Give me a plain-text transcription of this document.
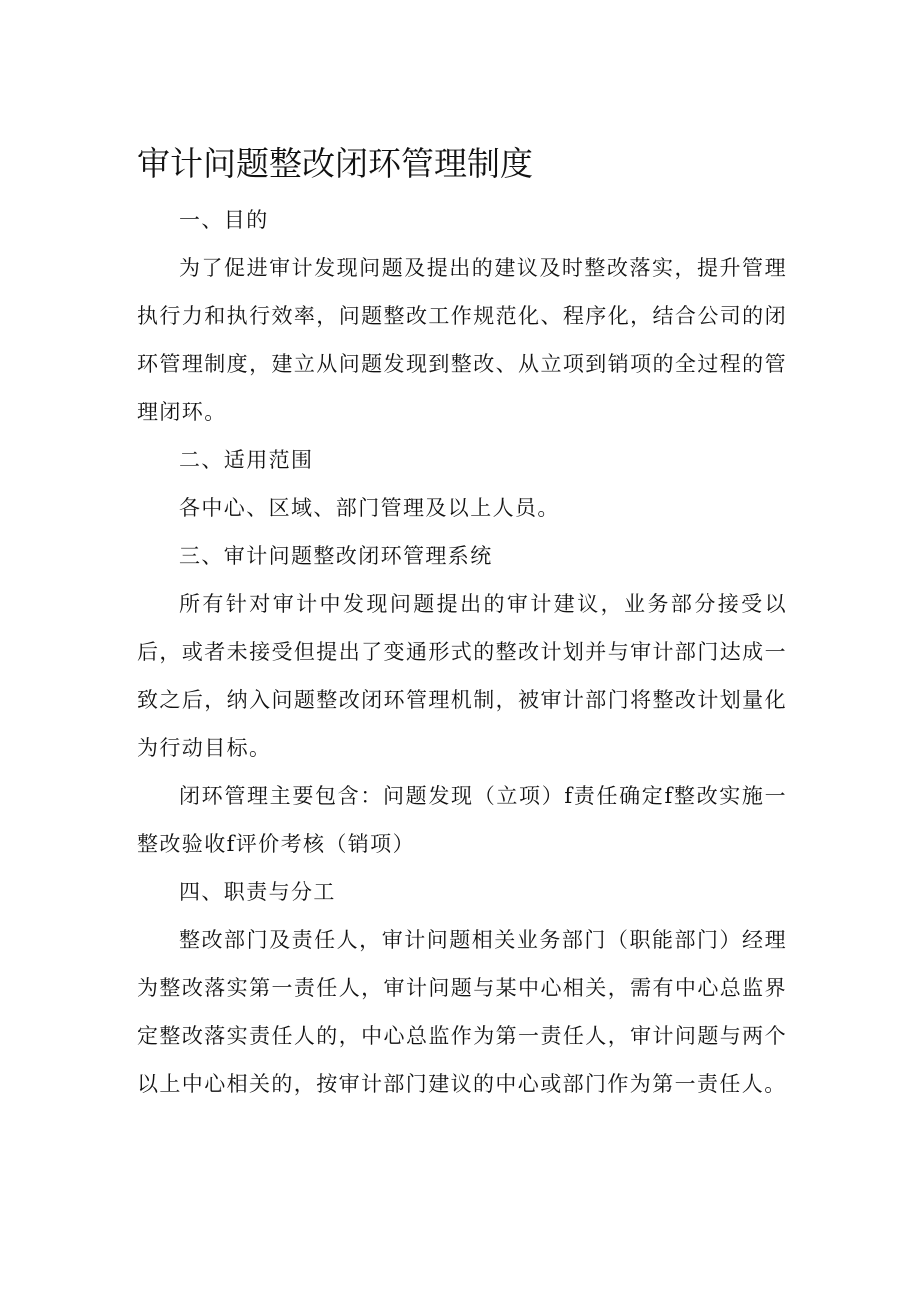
审计问题整改闭环管理制度

一、目的

为了促进审计发现问题及提出的建议及时整改落实，提升管理执行力和执行效率，问题整改工作规范化、程序化，结合公司的闭环管理制度，建立从问题发现到整改、从立项到销项的全过程的管理闭环。

二、适用范围

各中心、区域、部门管理及以上人员。

三、审计问题整改闭环管理系统

所有针对审计中发现问题提出的审计建议，业务部分接受以后，或者未接受但提出了变通形式的整改计划并与审计部门达成一致之后，纳入问题整改闭环管理机制，被审计部门将整改计划量化为行动目标。

闭环管理主要包含：问题发现（立项）f责任确定f整改实施一整改验收f评价考核（销项）

四、职责与分工

整改部门及责任人，审计问题相关业务部门（职能部门）经理为整改落实第一责任人，审计问题与某中心相关，需有中心总监界定整改落实责任人的，中心总监作为第一责任人，审计问题与两个以上中心相关的，按审计部门建议的中心或部门作为第一责任人。
